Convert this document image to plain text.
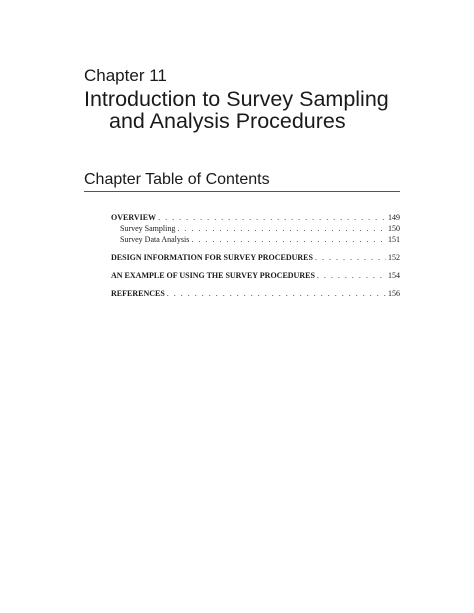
Chapter 11
Introduction to Survey Sampling
and Analysis Procedures
Chapter Table of Contents
OVERVIEW . . .	149
Survey Sampling . . .	150
Survey Data Analysis . . .	151
DESIGN INFORMATION FOR SURVEY PROCEDURES . . .	152
AN EXAMPLE OF USING THE SURVEY PROCEDURES . . .	154
REFERENCES . . .	156
